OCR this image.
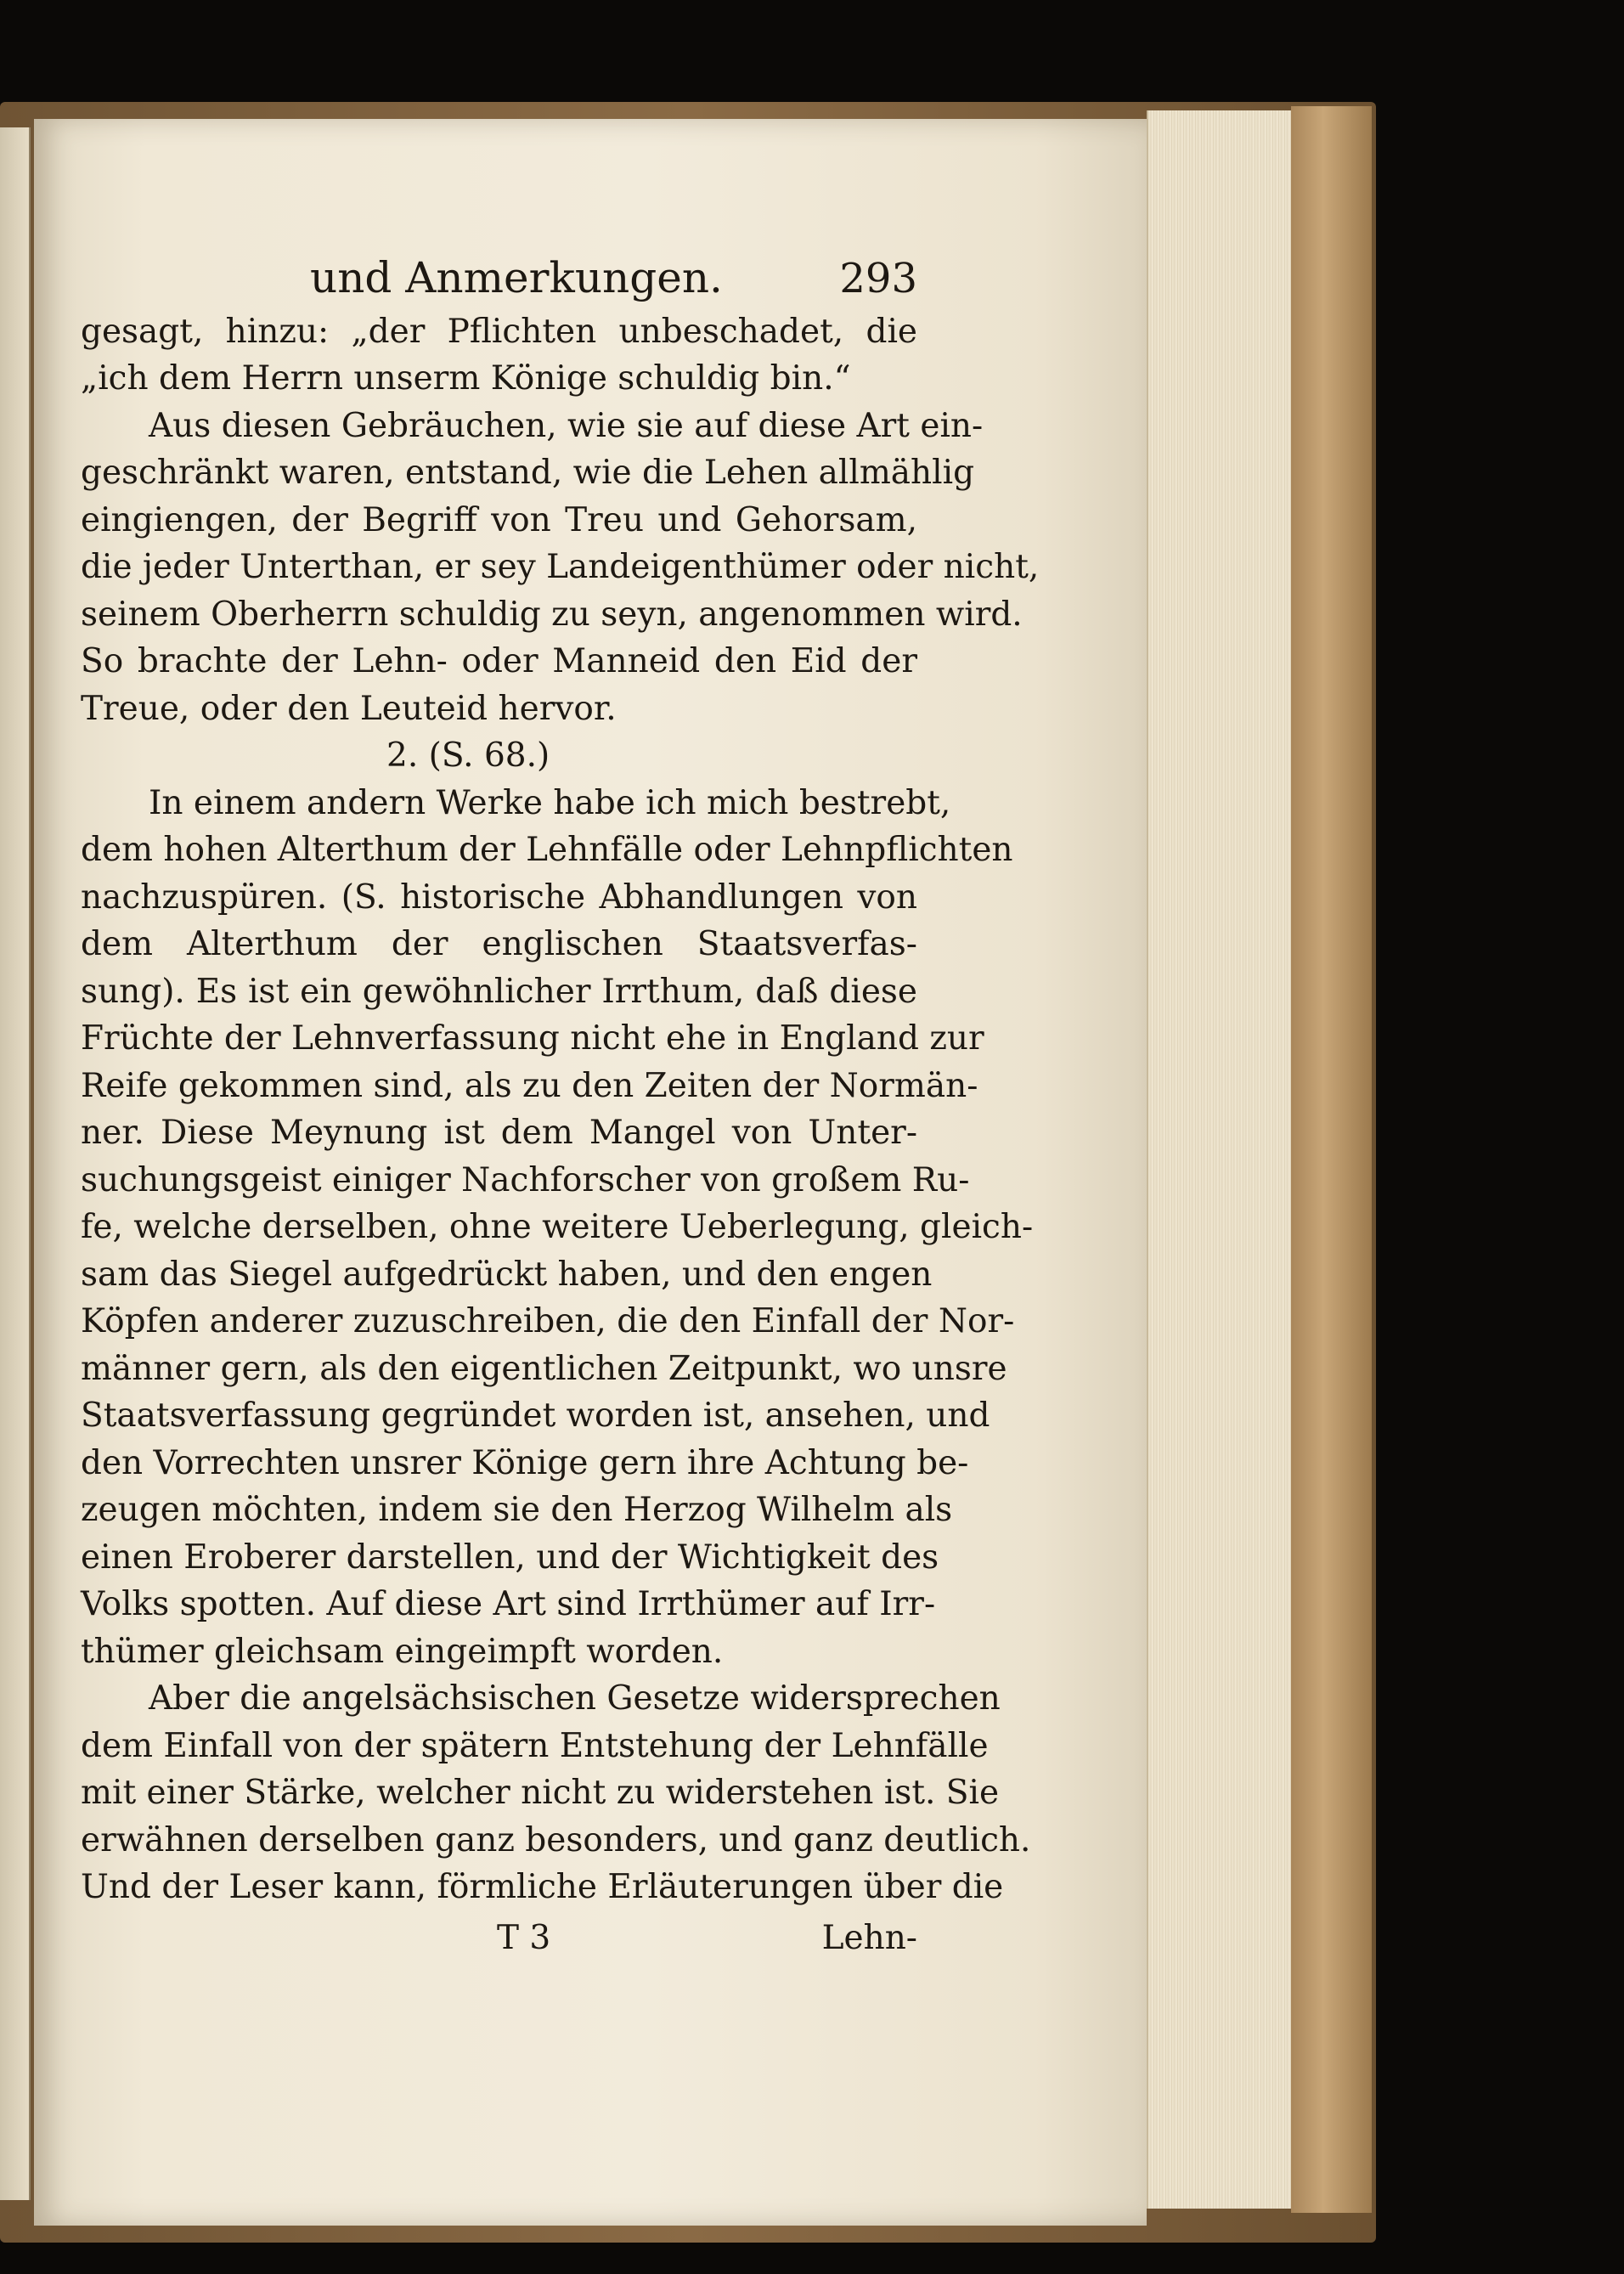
und Anmerkungen.	293
gesagt, hinzu: „der Pflichten unbeschadet, die
„ich dem Herrn unserm Könige schuldig bin.“
Aus diesen Gebräuchen, wie sie auf diese Art ein-
geschränkt waren, entstand, wie die Lehen allmählig
eingiengen, der Begriff von Treu und Gehorsam,
die jeder Unterthan, er sey Landeigenthümer oder nicht,
seinem Oberherrn schuldig zu seyn, angenommen wird.
So brachte der Lehn- oder Manneid den Eid der
Treue, oder den Leuteid hervor.
2. (S. 68.)
In einem andern Werke habe ich mich bestrebt,
dem hohen Alterthum der Lehnfälle oder Lehnpflichten
nachzuspüren. (S. historische Abhandlungen von
dem Alterthum der englischen Staatsverfas-
sung). Es ist ein gewöhnlicher Irrthum, daß diese
Früchte der Lehnverfassung nicht ehe in England zur
Reife gekommen sind, als zu den Zeiten der Normän-
ner. Diese Meynung ist dem Mangel von Unter-
suchungsgeist einiger Nachforscher von großem Ru-
fe, welche derselben, ohne weitere Ueberlegung, gleich-
sam das Siegel aufgedrückt haben, und den engen
Köpfen anderer zuzuschreiben, die den Einfall der Nor-
männer gern, als den eigentlichen Zeitpunkt, wo unsre
Staatsverfassung gegründet worden ist, ansehen, und
den Vorrechten unsrer Könige gern ihre Achtung be-
zeugen möchten, indem sie den Herzog Wilhelm als
einen Eroberer darstellen, und der Wichtigkeit des
Volks spotten. Auf diese Art sind Irrthümer auf Irr-
thümer gleichsam eingeimpft worden.
Aber die angelsächsischen Gesetze widersprechen
dem Einfall von der spätern Entstehung der Lehnfälle
mit einer Stärke, welcher nicht zu widerstehen ist. Sie
erwähnen derselben ganz besonders, und ganz deutlich.
Und der Leser kann, förmliche Erläuterungen über die
T 3	Lehn-
